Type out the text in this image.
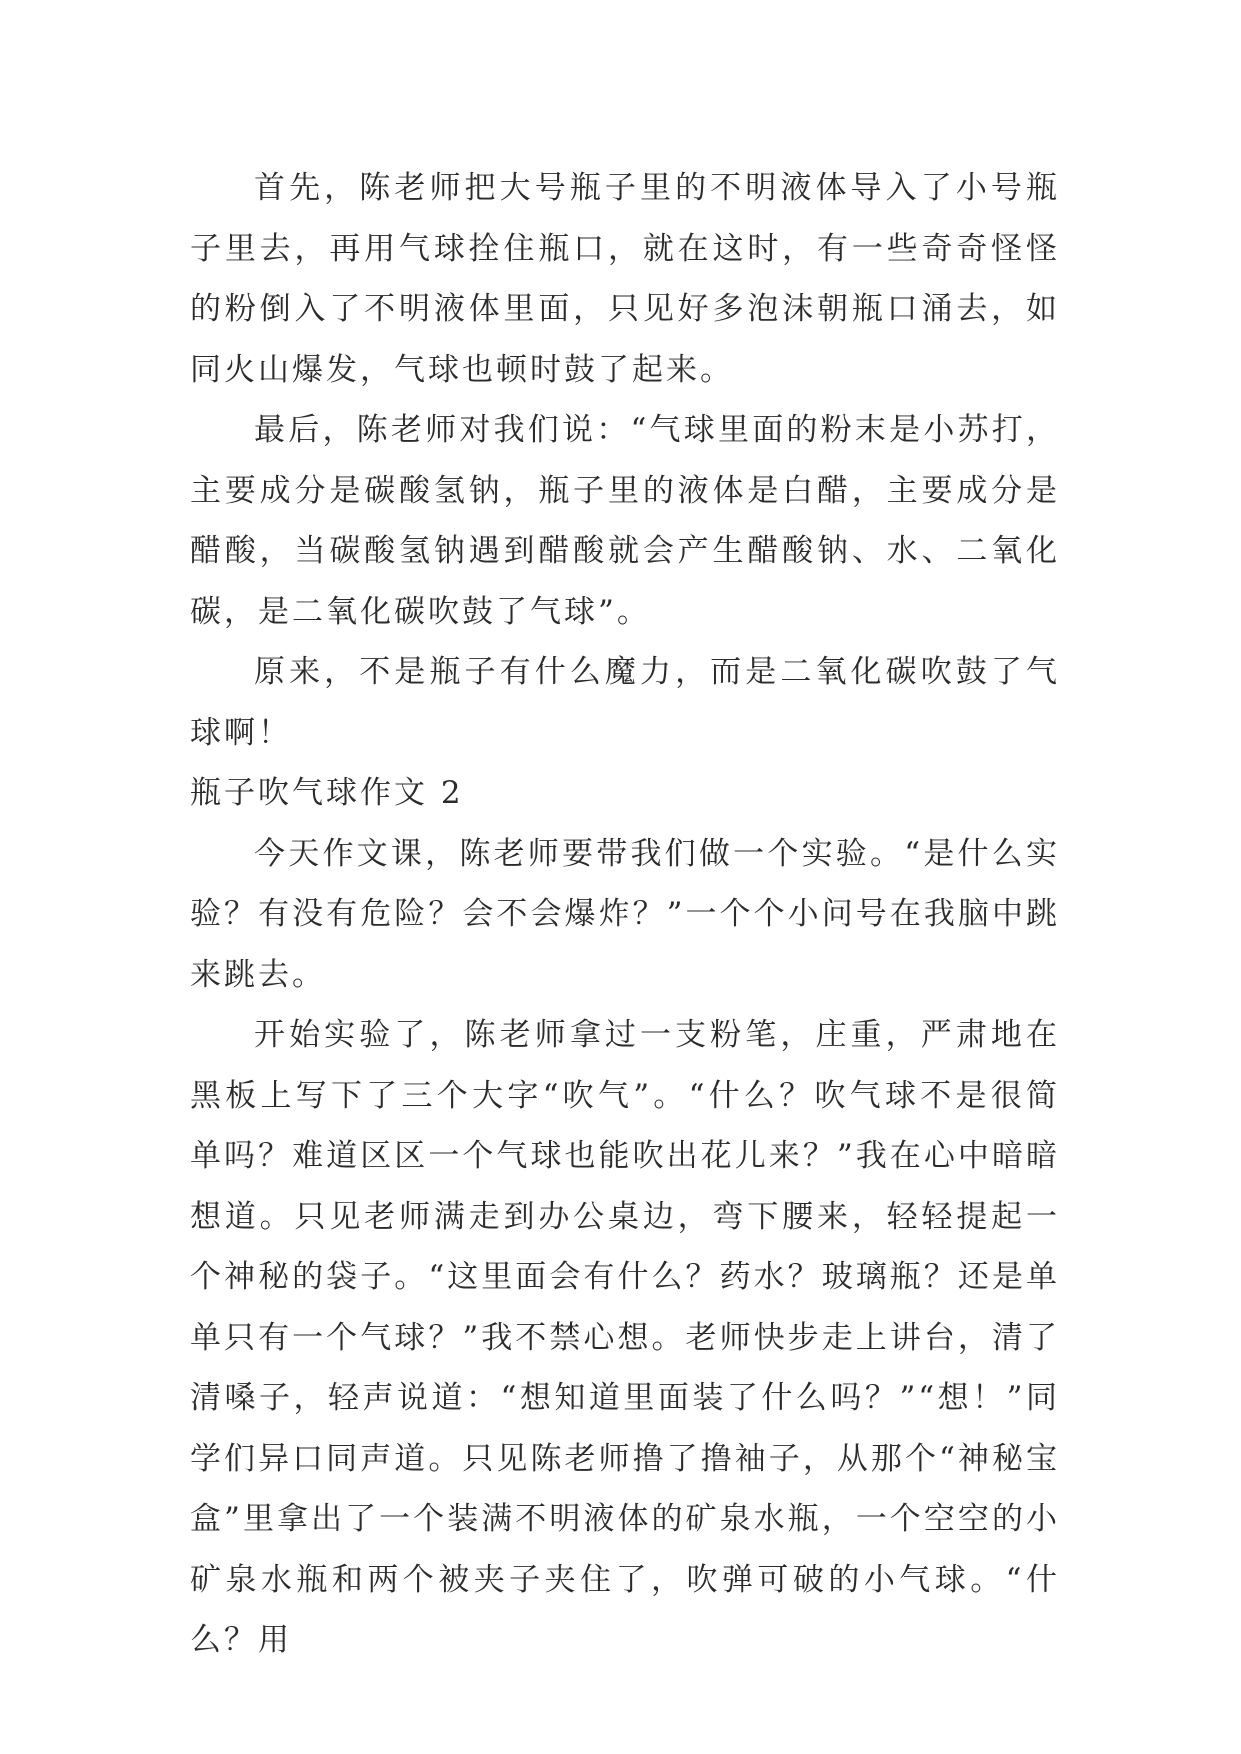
首先，陈老师把大号瓶子里的不明液体导入了小号瓶子里去，再用气球拴住瓶口，就在这时，有一些奇奇怪怪的粉倒入了不明液体里面，只见好多泡沫朝瓶口涌去，如同火山爆发，气球也顿时鼓了起来。

最后，陈老师对我们说：“气球里面的粉末是小苏打，主要成分是碳酸氢钠，瓶子里的液体是白醋，主要成分是醋酸，当碳酸氢钠遇到醋酸就会产生醋酸钠、水、二氧化碳，是二氧化碳吹鼓了气球”。

原来，不是瓶子有什么魔力，而是二氧化碳吹鼓了气球啊！

瓶子吹气球作文 2

今天作文课，陈老师要带我们做一个实验。“是什么实验？有没有危险？会不会爆炸？”一个个小问号在我脑中跳来跳去。

开始实验了，陈老师拿过一支粉笔，庄重，严肃地在黑板上写下了三个大字“吹气”。“什么？吹气球不是很简单吗？难道区区一个气球也能吹出花儿来？”我在心中暗暗想道。只见老师满走到办公桌边，弯下腰来，轻轻提起一个神秘的袋子。“这里面会有什么？药水？玻璃瓶？还是单单只有一个气球？”我不禁心想。老师快步走上讲台，清了清嗓子，轻声说道：“想知道里面装了什么吗？”“想！”同学们异口同声道。只见陈老师撸了撸袖子，从那个“神秘宝盒”里拿出了一个装满不明液体的矿泉水瓶，一个空空的小矿泉水瓶和两个被夹子夹住了，吹弹可破的小气球。“什么？用
